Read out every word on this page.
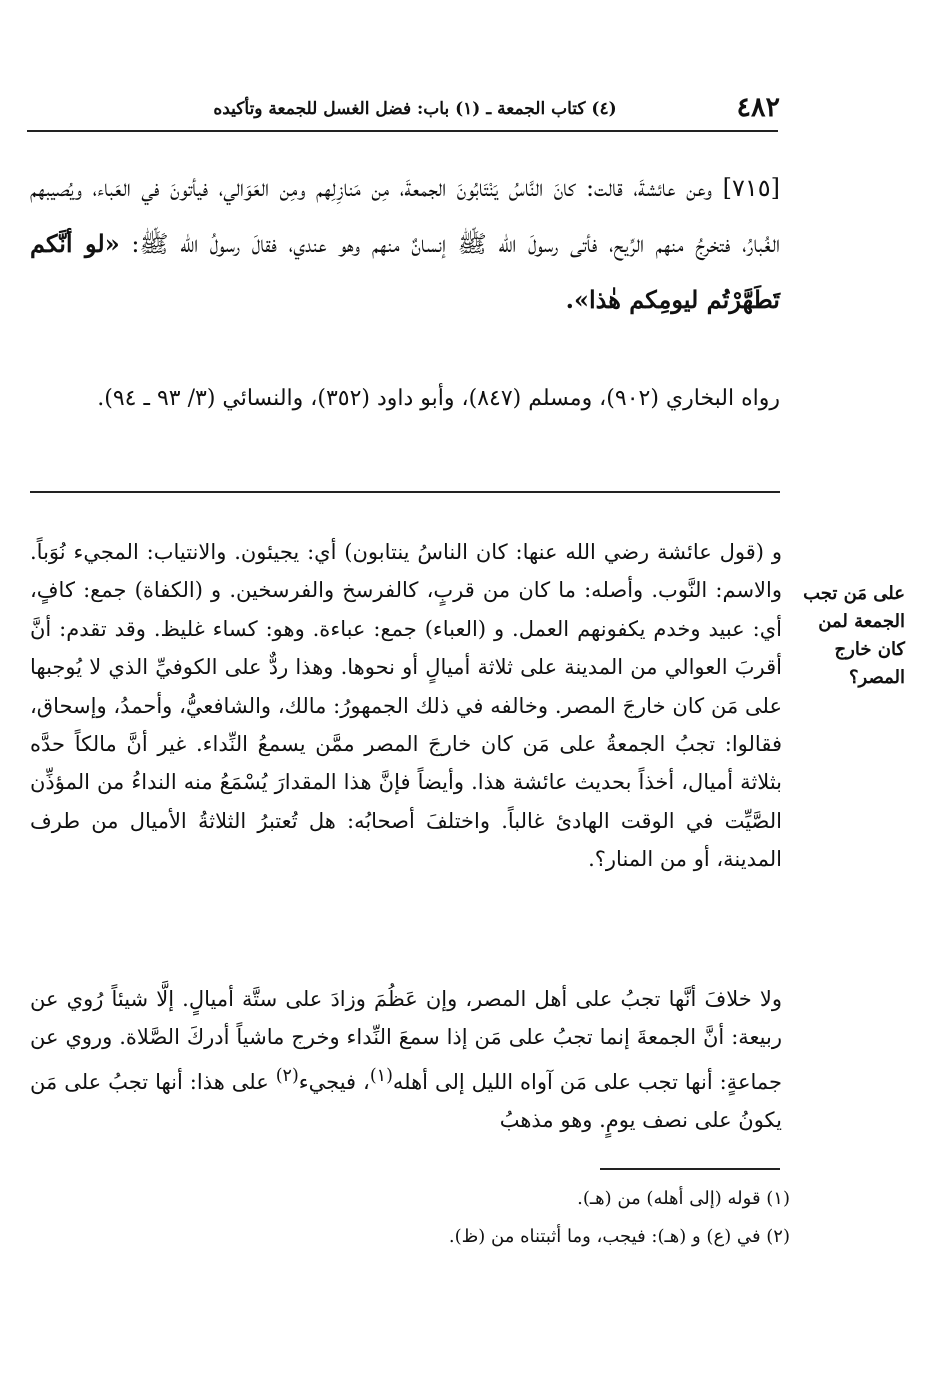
٤٨٢
(٤) كتاب الجمعة ـ (١) باب: فضل الغسل للجمعة وتأكيده
[٧١٥] وعن عائشةَ، قالت: كانَ النَّاسُ يَنْتَابُونَ الجمعةَ، مِن مَنازِلِهم ومِن العَوَالي، فيأتونَ في العَباء، ويُصيبهم الغُبارُ، فتخرجُ منهم الرِّيح، فأتى رسولَ الله ﷺ إنسانٌ منهم وهو عندي، فقالَ رسولُ الله ﷺ: «لو أنَّكم تَطَهَّرْتُم ليومِكم هٰذا».
رواه البخاري (٩٠٢)، ومسلم (٨٤٧)، وأبو داود (٣٥٢)، والنسائي (٣/ ٩٣ ـ ٩٤).
على مَن تجب الجمعة لمن كان خارج المصر؟
و (قول عائشة رضي الله عنها: كان الناسُ ينتابون) أي: يجيئون. والانتياب: المجيء نُوَباً. والاسم: النَّوب. وأصله: ما كان من قربٍ، كالفرسخ والفرسخين. و (الكفاة) جمع: كافٍ، أي: عبيد وخدم يكفونهم العمل. و (العباء) جمع: عباءة. وهو: كساء غليظ. وقد تقدم: أنَّ أقربَ العوالي من المدينة على ثلاثة أميالٍ أو نحوها. وهذا ردٌّ على الكوفيِّ الذي لا يُوجبها على مَن كان خارجَ المصر. وخالفه في ذلك الجمهورُ: مالك، والشافعيُّ، وأحمدُ، وإسحاق، فقالوا: تجبُ الجمعةُ على مَن كان خارجَ المصر ممَّن يسمعُ النِّداء. غير أنَّ مالكاً حدَّه بثلاثة أميال، أخذاً بحديث عائشة هذا. وأيضاً فإنَّ هذا المقدارَ يُسْمَعُ منه النداءُ من المؤذِّن الصَّيِّت في الوقت الهادئ غالباً. واختلفَ أصحابُه: هل تُعتبرُ الثلاثةُ الأميال من طرف المدينة، أو من المنار؟.
ولا خلافَ أنَّها تجبُ على أهل المصر، وإن عَظُمَ وزادَ على ستَّة أميالٍ. إلَّا شيئاً رُوي عن ربيعة: أنَّ الجمعةَ إنما تجبُ على مَن إذا سمعَ النِّداء وخرج ماشياً أدركَ الصَّلاة. وروي عن جماعةٍ: أنها تجب على مَن آواه الليل إلى أهله$^{(١)}$، فيجيء$^{(٢)}$ على هذا: أنها تجبُ على مَن يكونُ على نصف يومٍ. وهو مذهبُ
(١) قوله (إلى أهله) من (هـ).
(٢) في (ع) و (هـ): فيجب، وما أثبتناه من (ظ).
